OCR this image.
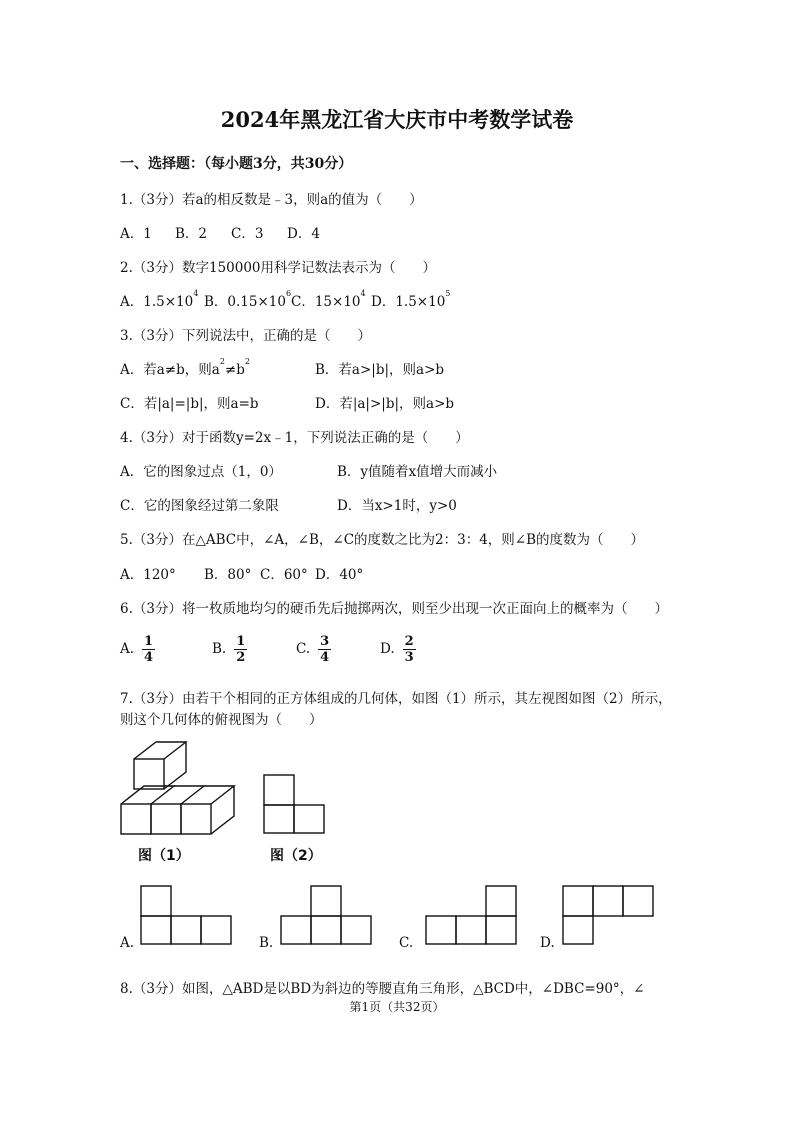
2024年黑龙江省大庆市中考数学试卷
一、选择题：（每小题3分，共30分）
1.（3分）若a的相反数是﹣3，则a的值为（　　）
A．1 B．2 C．3 D．4
2.（3分）数字150000用科学记数法表示为（　　）
A．$1.5\times 10^4$
B．$0.15\times 10^6$
C．$15\times 10^4$
D．$1.5\times 10^5$
3.（3分）下列说法中，正确的是（　　）
A．若a≠b，则$a^2\ne b^2$
B．若a>|b|，则a>b
C．若|a|=|b|，则a=b	D．若|a|>|b|，则a>b
4.（3分）对于函数y=2x﹣1，下列说法正确的是（　　）
A．它的图象过点（1，0）	B．y值随着x值增大而减小
C．它的图象经过第二象限	D．当x>1时，y>0
5.（3分）在△ABC中，∠A，∠B，∠C的度数之比为2：3：4，则∠B的度数为（　　）
A．120° B．80° C．60° D．40°
6.（3分）将一枚质地均匀的硬币先后抛掷两次，则至少出现一次正面向上的概率为（　　）
A. $\frac{1}{4}$	B. $\frac{1}{2}$	C. $\frac{3}{4}$	D. $\frac{2}{3}$
7.（3分）由若干个相同的正方体组成的几何体，如图（1）所示，其左视图如图（2）所示，
则这个几何体的俯视图为（　　）
图（1）	图（2）
A.	B.	C.	D.
8.（3分）如图，△ABD是以BD为斜边的等腰直角三角形，△BCD中，∠DBC=90°，∠
第1页（共32页）
